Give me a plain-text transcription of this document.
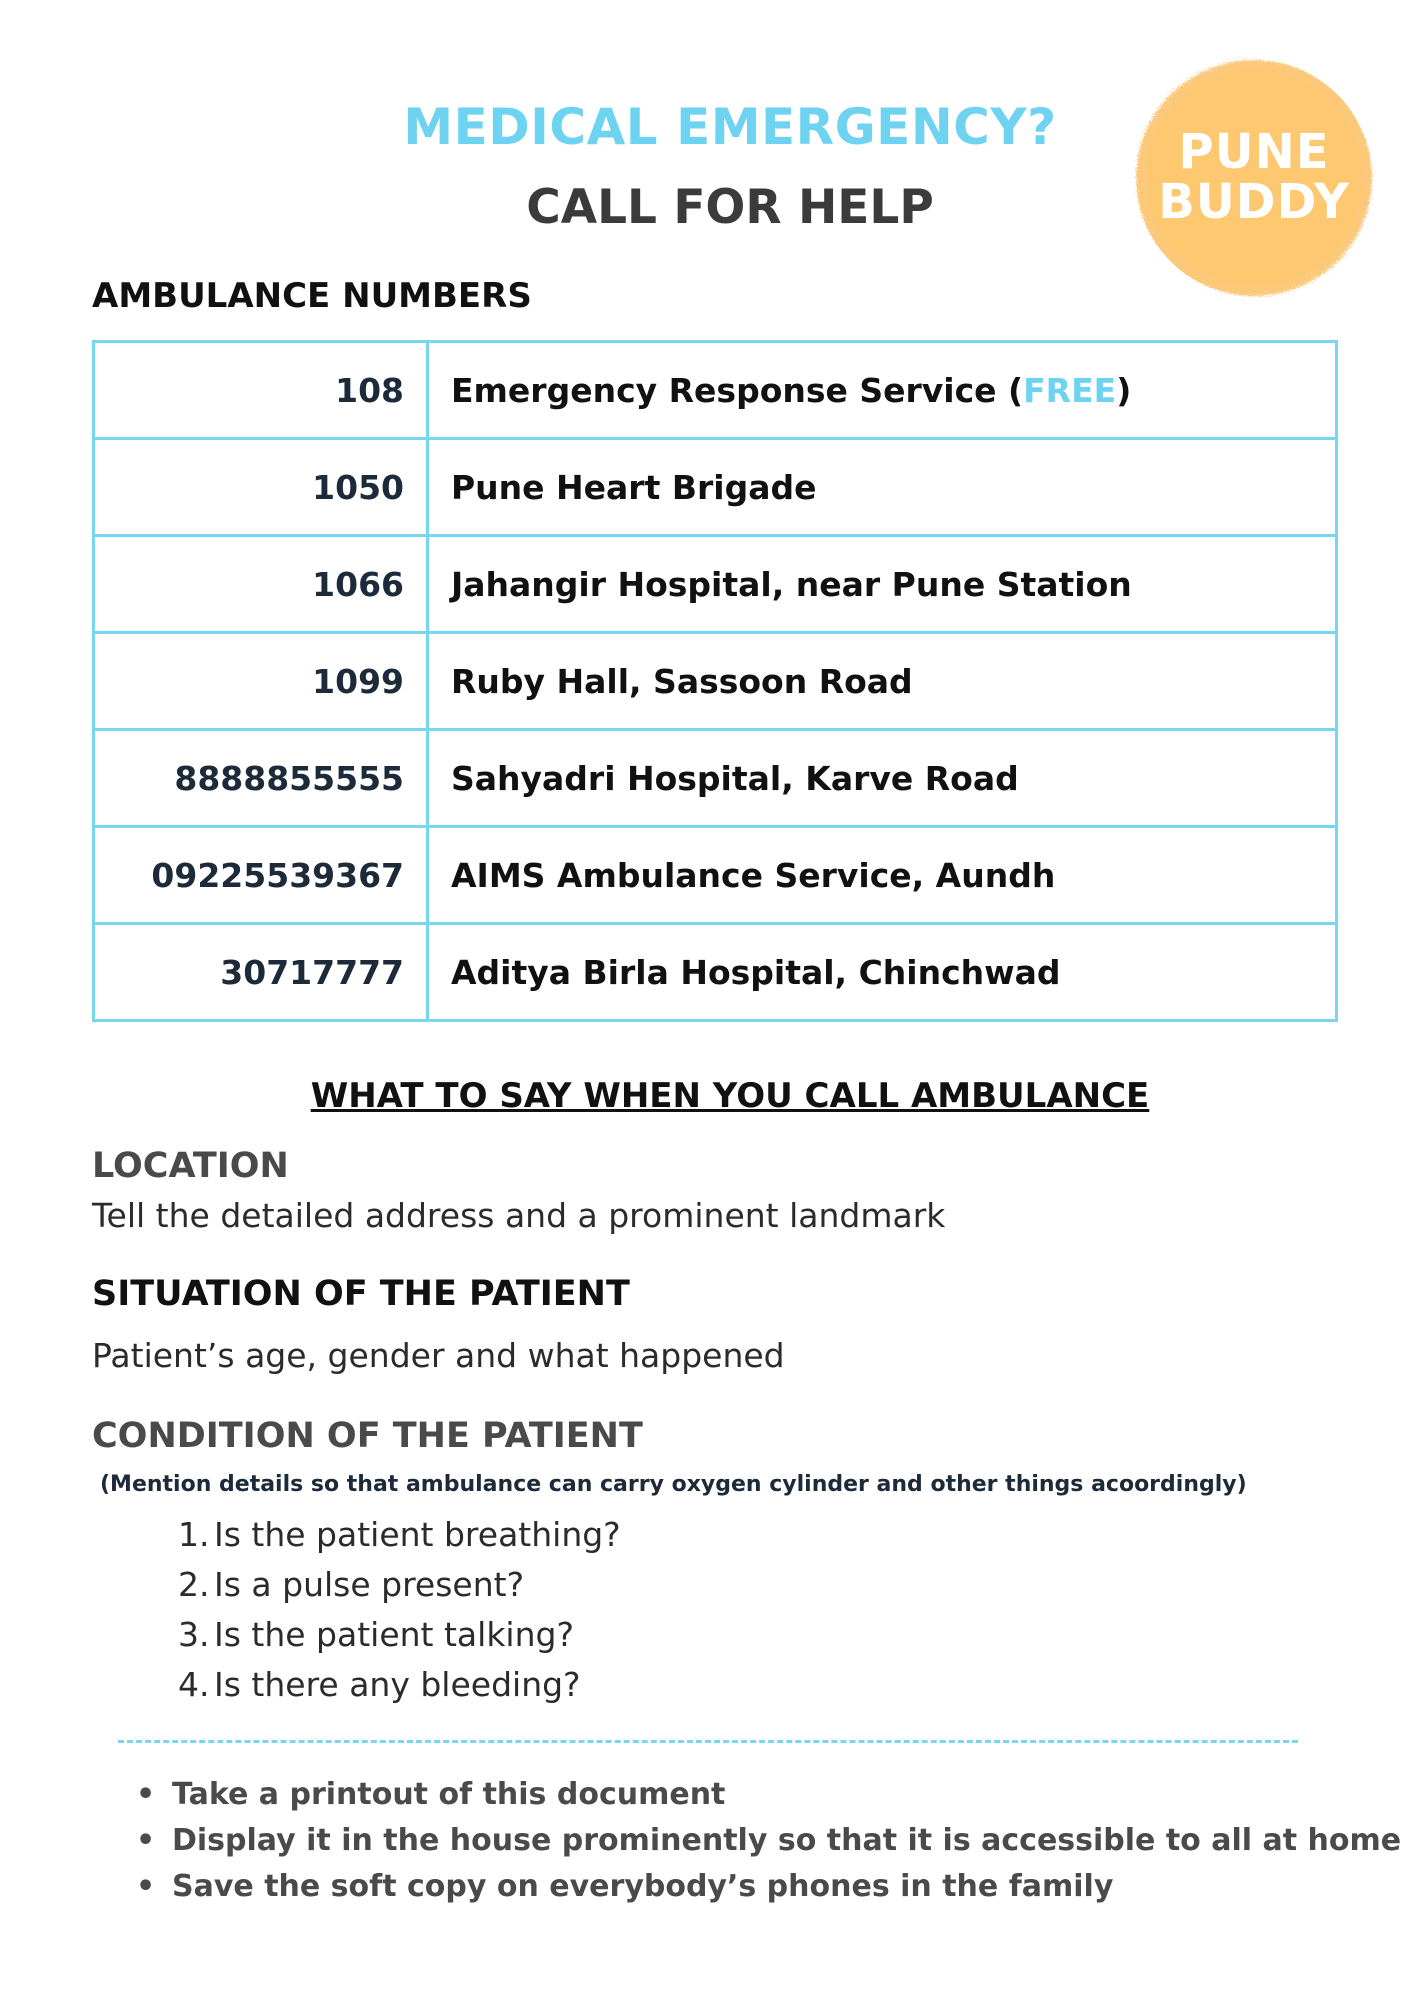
MEDICAL EMERGENCY?
CALL FOR HELP
PUNE
BUDDY
AMBULANCE NUMBERS
108	Emergency Response Service (FREE)
1050	Pune Heart Brigade
1066	Jahangir Hospital, near Pune Station
1099	Ruby Hall, Sassoon Road
8888855555	Sahyadri Hospital, Karve Road
09225539367	AIMS Ambulance Service, Aundh
30717777	Aditya Birla Hospital, Chinchwad
WHAT TO SAY WHEN YOU CALL AMBULANCE
LOCATION

Tell the detailed address and a prominent landmark

SITUATION OF THE PATIENT

Patient’s age, gender and what happened

CONDITION OF THE PATIENT

(Mention details so that ambulance can carry oxygen cylinder and other things acoordingly)

1. Is the patient breathing?
2. Is a pulse present?
3. Is the patient talking?
4. Is there any bleeding?
• Take a printout of this document
• Display it in the house prominently so that it is accessible to all at home
• Save the soft copy on everybody’s phones in the family
